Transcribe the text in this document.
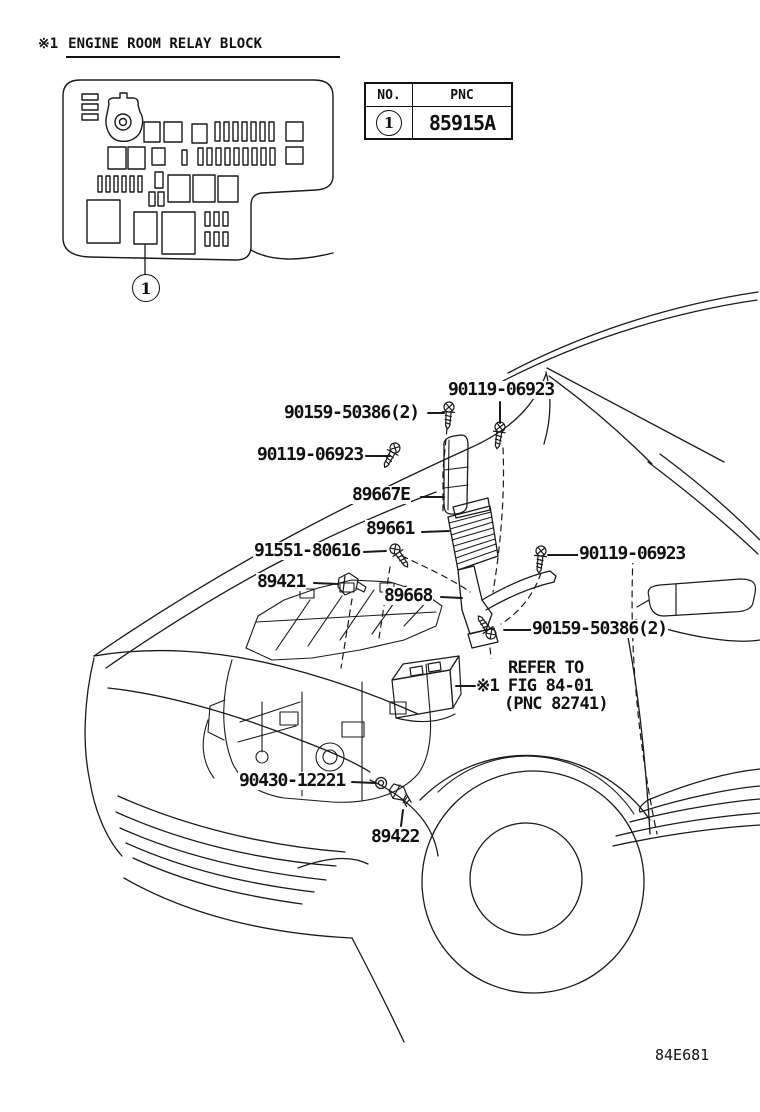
※1 ENGINE ROOM RELAY BLOCK
NO.	PNC

1	85915A
1
90119-06923
90159-50386(2)
90119-06923
89667E
89661
91551-80616
89421
89668
90119-06923
90159-50386(2)
90430-12221
89422
REFER TO
※1 FIG 84-01
(PNC 82741)
84E681
